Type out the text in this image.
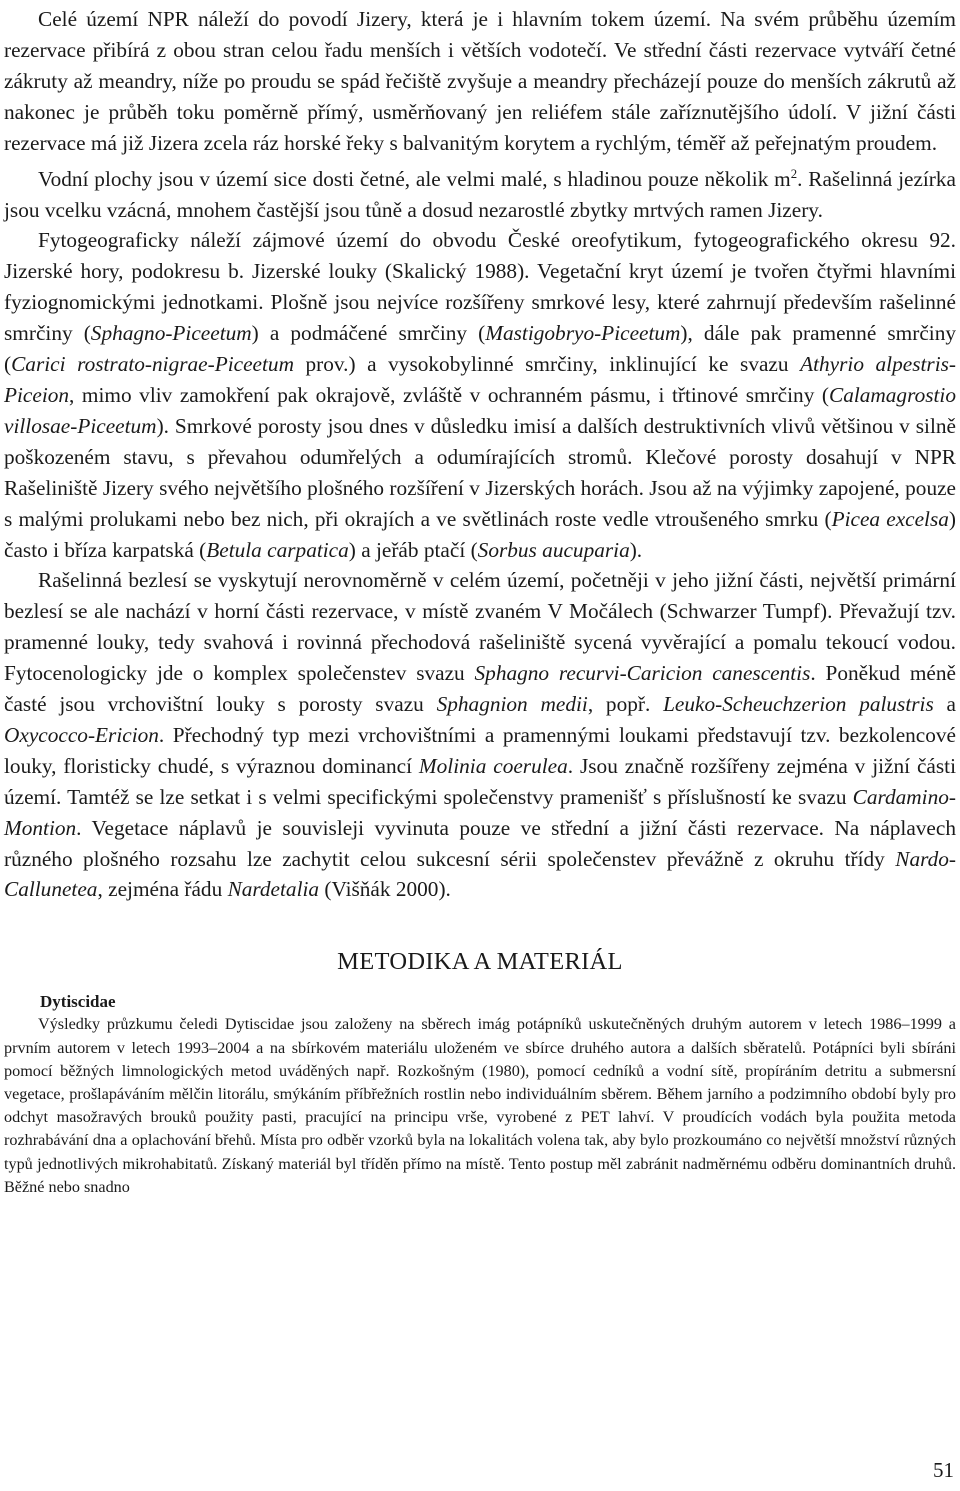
Celé území NPR náleží do povodí Jizery, která je i hlavním tokem území. Na svém průběhu územím rezervace přibírá z obou stran celou řadu menších i větších vodotečí. Ve střední části rezervace vytváří četné zákruty až meandry, níže po proudu se spád řečiště zvyšuje a meandry přecházejí pouze do menších zákrutů až nakonec je průběh toku poměrně přímý, usměrňovaný jen reliéfem stále zaříznutějšího údolí. V jižní části rezervace má již Jizera zcela ráz horské řeky s balvanitým korytem a rychlým, téměř až peřejnatým proudem.

Vodní plochy jsou v území sice dosti četné, ale velmi malé, s hladinou pouze několik $m^2$. Rašelinná jezírka jsou vcelku vzácná, mnohem častější jsou tůně a dosud nezarostlé zbytky mrtvých ramen Jizery.

Fytogeograficky náleží zájmové území do obvodu České oreofytikum, fytogeografického okresu 92. Jizerské hory, podokresu b. Jizerské louky (Skalický 1988). Vegetační kryt území je tvořen čtyřmi hlavními fyziognomickými jednotkami. Plošně jsou nejvíce rozšířeny smrkové lesy, které zahrnují především rašelinné smrčiny (Sphagno-Piceetum) a podmáčené smrčiny (Mastigobryo-Piceetum), dále pak pramenné smrčiny (Carici rostrato-nigrae-Piceetum prov.) a vysokobylinné smrčiny, inklinující ke svazu Athyrio alpestris-Piceion, mimo vliv zamokření pak okrajově, zvláště v ochranném pásmu, i třtinové smrčiny (Calamagrostio villosae-Piceetum). Smrkové porosty jsou dnes v důsledku imisí a dalších destruktivních vlivů většinou v silně poškozeném stavu, s převahou odumřelých a odumírajících stromů. Klečové porosty dosahují v NPR Rašeliniště Jizery svého největšího plošného rozšíření v Jizerských horách. Jsou až na výjimky zapojené, pouze s malými prolukami nebo bez nich, při okrajích a ve světlinách roste vedle vtroušeného smrku (Picea excelsa) často i bříza karpatská (Betula carpatica) a jeřáb ptačí (Sorbus aucuparia).

Rašelinná bezlesí se vyskytují nerovnoměrně v celém území, početněji v jeho jižní části, největší primární bezlesí se ale nachází v horní části rezervace, v místě zvaném V Močálech (Schwarzer Tumpf). Převažují tzv. pramenné louky, tedy svahová i rovinná přechodová rašeliniště sycená vyvěrající a pomalu tekoucí vodou. Fytocenologicky jde o komplex společenstev svazu Sphagno recurvi-Caricion canescentis. Poněkud méně časté jsou vrchovištní louky s porosty svazu Sphagnion medii, popř. Leuko-Scheuchzerion palustris a Oxycocco-Ericion. Přechodný typ mezi vrchovištními a pramennými loukami představují tzv. bezkolencové louky, floristicky chudé, s výraznou dominancí Molinia coerulea. Jsou značně rozšířeny zejména v jižní části území. Tamtéž se lze setkat i s velmi specifickými společenstvy pramenišť s příslušností ke svazu Cardamino-Montion. Vegetace náplavů je souvisleji vyvinuta pouze ve střední a jižní části rezervace. Na náplavech různého plošného rozsahu lze zachytit celou sukcesní sérii společenstev převážně z okruhu třídy Nardo-Callunetea, zejména řádu Nardetalia (Višňák 2000).

METODIKA A MATERIÁL
Dytiscidae

Výsledky průzkumu čeledi Dytiscidae jsou založeny na sběrech imág potápníků uskutečněných druhým autorem v letech 1986–1999 a prvním autorem v letech 1993–2004 a na sbírkovém materiálu uloženém ve sbírce druhého autora a dalších sběratelů. Potápníci byli sbíráni pomocí běžných limnologických metod uváděných např. Rozkošným (1980), pomocí cedníků a vodní sítě, propíráním detritu a submersní vegetace, prošlapáváním mělčin litorálu, smýkáním příbřežních rostlin nebo individuálním sběrem. Během jarního a podzimního období byly pro odchyt masožravých brouků použity pasti, pracující na principu vrše, vyrobené z PET lahví. V proudících vodách byla použita metoda rozhrabávání dna a oplachování břehů. Místa pro odběr vzorků byla na lokalitách volena tak, aby bylo prozkoumáno co největší množství různých typů jednotlivých mikrohabitatů. Získaný materiál byl tříděn přímo na místě. Tento postup měl zabránit nadměrnému odběru dominantních druhů. Běžné nebo snadno

51
